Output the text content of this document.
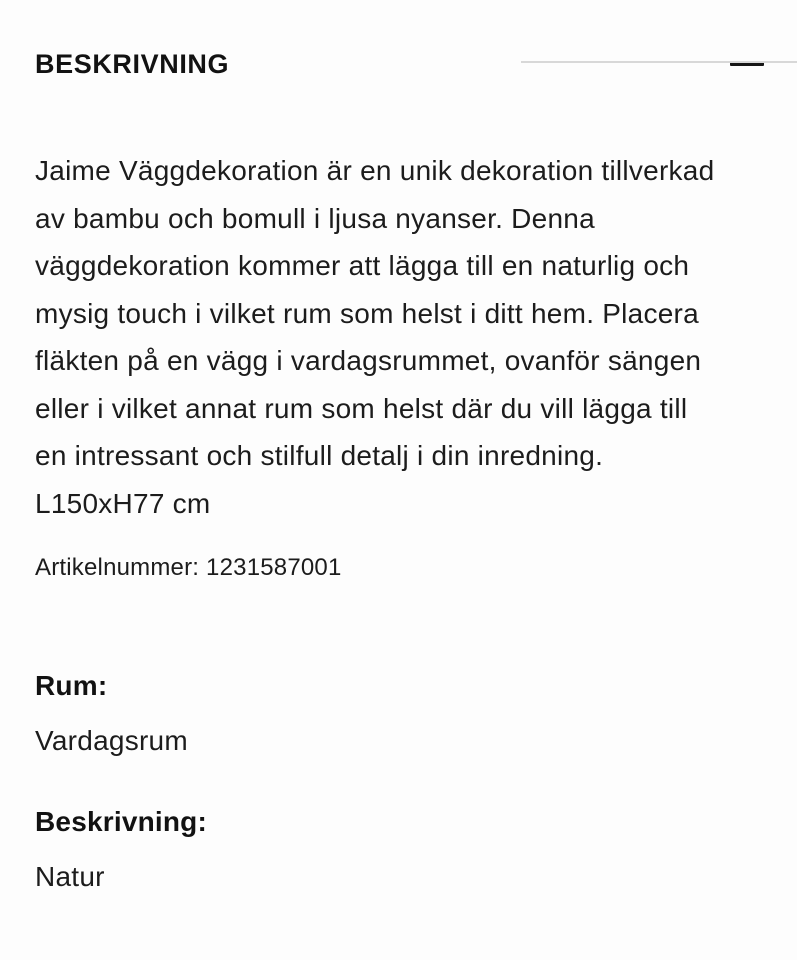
BESKRIVNING
Jaime Väggdekoration är en unik dekoration tillverkad
av bambu och bomull i ljusa nyanser. Denna
väggdekoration kommer att lägga till en naturlig och
mysig touch i vilket rum som helst i ditt hem. Placera
fläkten på en vägg i vardagsrummet, ovanför sängen
eller i vilket annat rum som helst där du vill lägga till
en intressant och stilfull detalj i din inredning.
L150xH77 cm
Artikelnummer: 1231587001
Rum:
Vardagsrum
Beskrivning:
Natur
